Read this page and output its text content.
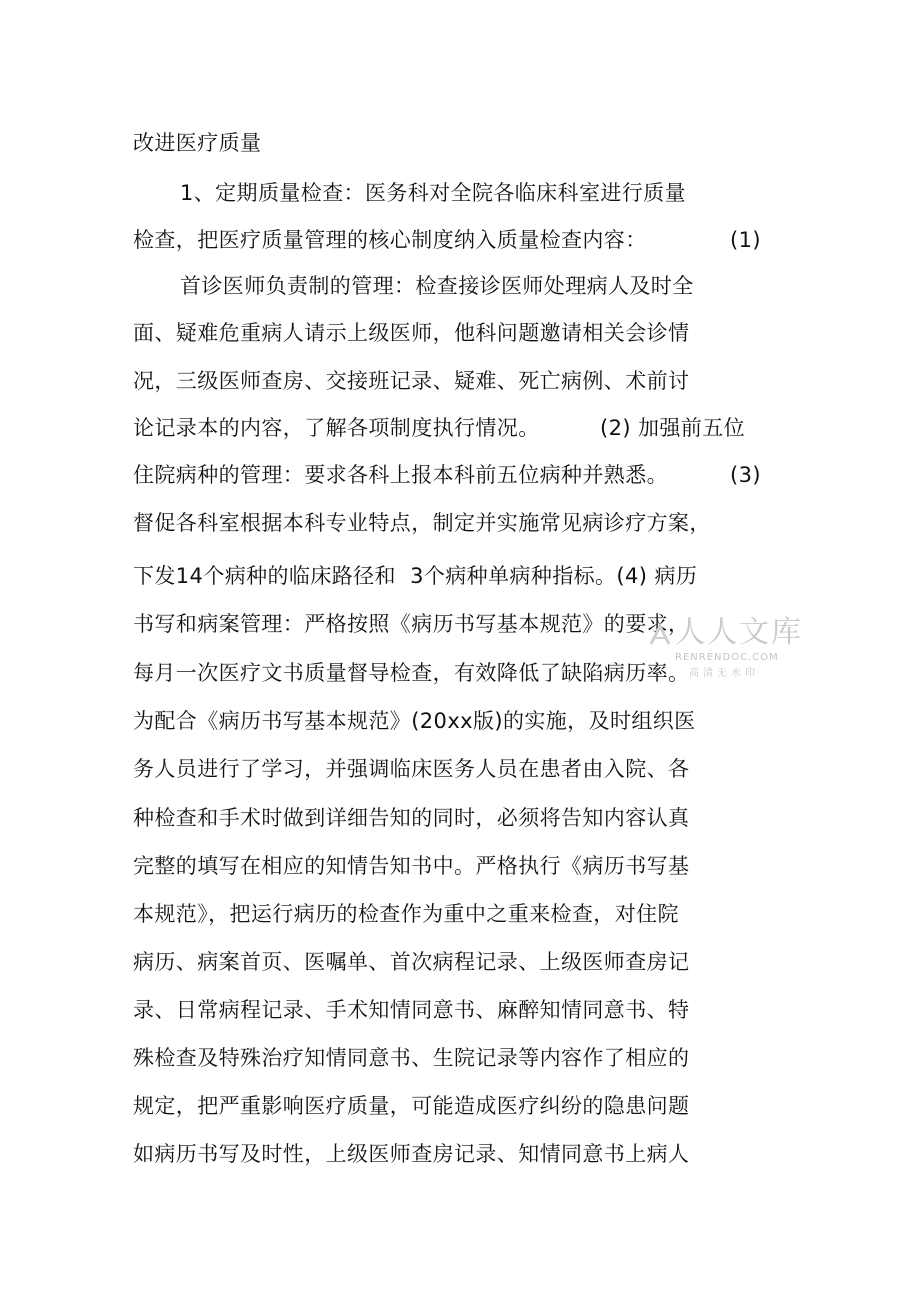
改进医疗质量
1、定期质量检查：医务科对全院各临床科室进行质量
检查，把医疗质量管理的核心制度纳入质量检查内容：	(1)
首诊医师负责制的管理：检查接诊医师处理病人及时全
面、疑难危重病人请示上级医师，他科问题邀请相关会诊情
况，三级医师查房、交接班记录、疑难、死亡病例、术前讨
论记录本的内容，了解各项制度执行情况。	(2) 加强前五位
住院病种的管理：要求各科上报本科前五位病种并熟悉。	(3)
督促各科室根据本科专业特点，制定并实施常见病诊疗方案，
下发14个病种的临床路径和  3个病种单病种指标。(4) 病历
书写和病案管理：严格按照《病历书写基本规范》的要求，
每月一次医疗文书质量督导检查，有效降低了缺陷病历率。
为配合《病历书写基本规范》(20xx版)的实施，及时组织医
务人员进行了学习，并强调临床医务人员在患者由入院、各
种检查和手术时做到详细告知的同时，必须将告知内容认真
完整的填写在相应的知情告知书中。严格执行《病历书写基
本规范》，把运行病历的检查作为重中之重来检查，对住院
病历、病案首页、医嘱单、首次病程记录、上级医师查房记
录、日常病程记录、手术知情同意书、麻醉知情同意书、特
殊检查及特殊治疗知情同意书、生院记录等内容作了相应的
规定，把严重影响医疗质量，可能造成医疗纠纷的隐患问题
如病历书写及时性，上级医师查房记录、知情同意书上病人
人人文库
RENRENDOC.COM
高清无水印
